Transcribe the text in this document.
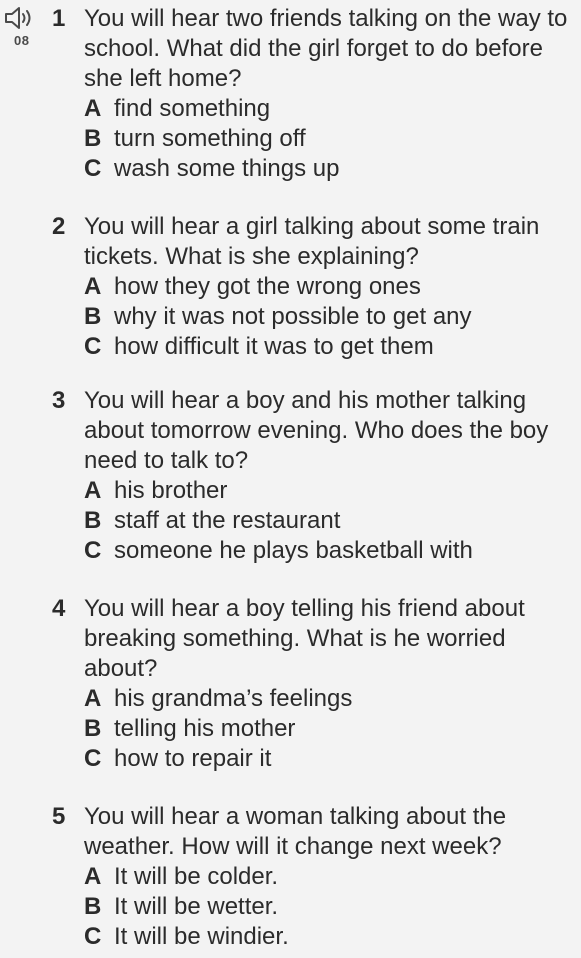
08
1 You will hear two friends talking on the way to school. What did the girl forget to do before she left home?
A find something
B turn something off
C wash some things up
2 You will hear a girl talking about some train tickets. What is she explaining?
A how they got the wrong ones
B why it was not possible to get any
C how difficult it was to get them
3 You will hear a boy and his mother talking about tomorrow evening. Who does the boy need to talk to?
A his brother
B staff at the restaurant
C someone he plays basketball with
4 You will hear a boy telling his friend about breaking something. What is he worried about?
A his grandma’s feelings
B telling his mother
C how to repair it
5 You will hear a woman talking about the weather. How will it change next week?
A It will be colder.
B It will be wetter.
C It will be windier.
